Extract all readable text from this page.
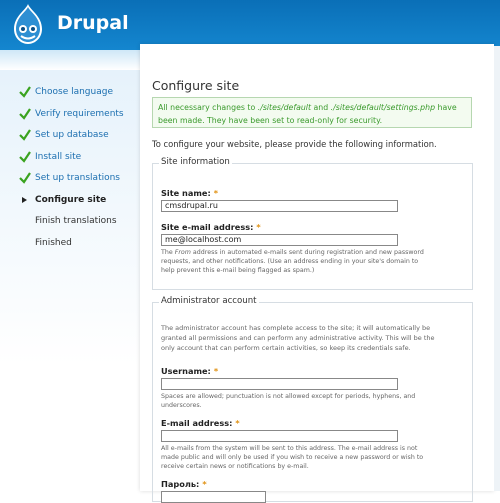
Drupal
Choose language
Verify requirements
Set up database
Install site
Set up translations
Configure site
Finish translations
Finished
Configure site
All necessary changes to ./sites/default and ./sites/default/settings.php have
been made. They have been set to read-only for security.
To configure your website, please provide the following information.
Site information
Site name: *
cmsdrupal.ru
Site e-mail address: *
me@localhost.com
The From address in automated e-mails sent during registration and new password
requests, and other notifications. (Use an address ending in your site's domain to
help prevent this e-mail being flagged as spam.)
Administrator account
The administrator account has complete access to the site; it will automatically be
granted all permissions and can perform any administrative activity. This will be the
only account that can perform certain activities, so keep its credentials safe.
Username: *
Spaces are allowed; punctuation is not allowed except for periods, hyphens, and
underscores.
E-mail address: *
All e-mails from the system will be sent to this address. The e-mail address is not
made public and will only be used if you wish to receive a new password or wish to
receive certain news or notifications by e-mail.
Пароль: *
